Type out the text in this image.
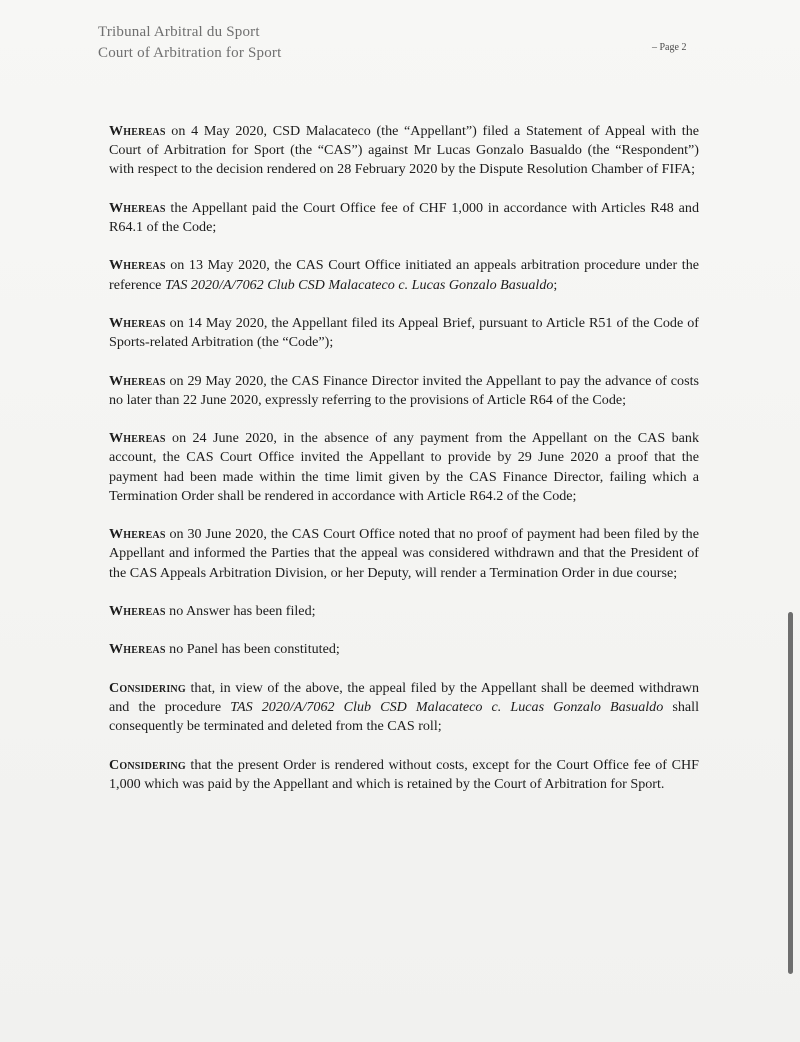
Tribunal Arbitral du Sport
Court of Arbitration for Sport	– Page 2

Whereas on 4 May 2020, CSD Malacateco (the “Appellant”) filed a Statement of Appeal with the Court of Arbitration for Sport (the “CAS”) against Mr Lucas Gonzalo Basualdo (the “Respondent”) with respect to the decision rendered on 28 February 2020 by the Dispute Resolution Chamber of FIFA;

Whereas the Appellant paid the Court Office fee of CHF 1,000 in accordance with Articles R48 and R64.1 of the Code;

Whereas on 13 May 2020, the CAS Court Office initiated an appeals arbitration procedure under the reference TAS 2020/A/7062 Club CSD Malacateco c. Lucas Gonzalo Basualdo;

Whereas on 14 May 2020, the Appellant filed its Appeal Brief, pursuant to Article R51 of the Code of Sports-related Arbitration (the “Code”);

Whereas on 29 May 2020, the CAS Finance Director invited the Appellant to pay the advance of costs no later than 22 June 2020, expressly referring to the provisions of Article R64 of the Code;

Whereas on 24 June 2020, in the absence of any payment from the Appellant on the CAS bank account, the CAS Court Office invited the Appellant to provide by 29 June 2020 a proof that the payment had been made within the time limit given by the CAS Finance Director, failing which a Termination Order shall be rendered in accordance with Article R64.2 of the Code;

Whereas on 30 June 2020, the CAS Court Office noted that no proof of payment had been filed by the Appellant and informed the Parties that the appeal was considered withdrawn and that the President of the CAS Appeals Arbitration Division, or her Deputy, will render a Termination Order in due course;

Whereas no Answer has been filed;

Whereas no Panel has been constituted;

Considering that, in view of the above, the appeal filed by the Appellant shall be deemed withdrawn and the procedure TAS 2020/A/7062 Club CSD Malacateco c. Lucas Gonzalo Basualdo shall consequently be terminated and deleted from the CAS roll;

Considering that the present Order is rendered without costs, except for the Court Office fee of CHF 1,000 which was paid by the Appellant and which is retained by the Court of Arbitration for Sport.
